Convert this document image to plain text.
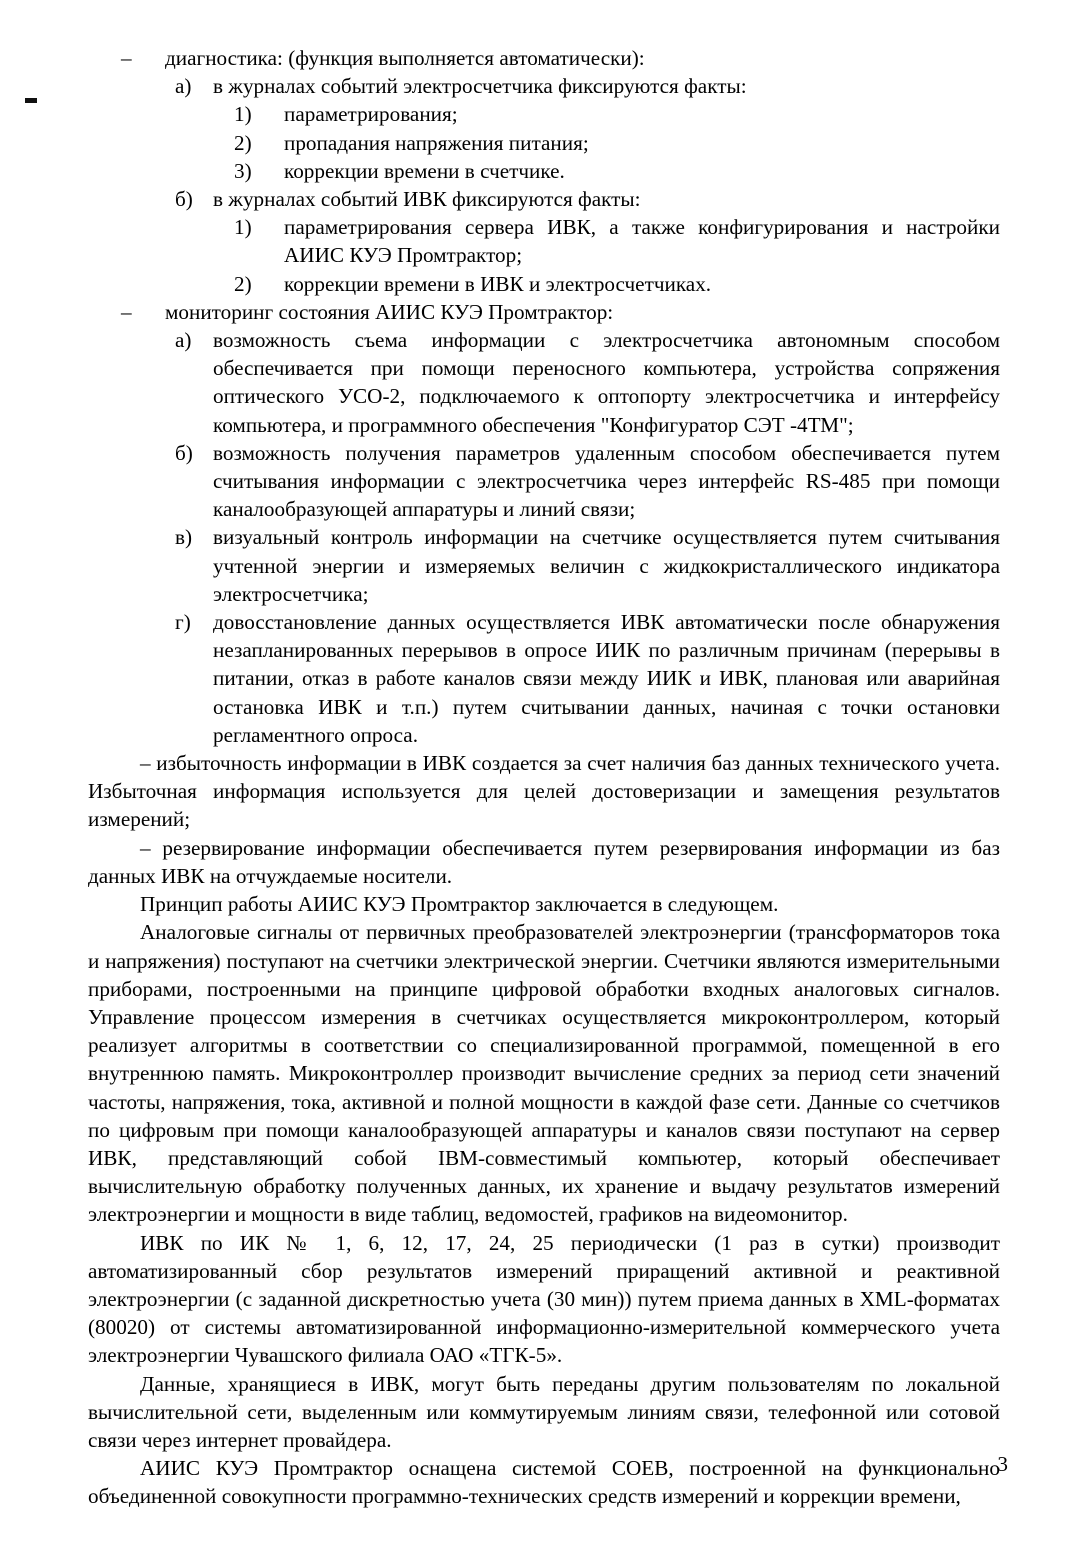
– диагностика: (функция выполняется автоматически):

а) в журналах событий электросчетчика фиксируются факты:

1) параметрирования;

2) пропадания напряжения питания;

3) коррекции времени в счетчике.

б) в журналах событий ИВК фиксируются факты:

1) параметрирования сервера ИВК, а также конфигурирования и настройки АИИС КУЭ Промтрактор;

2) коррекции времени в ИВК и электросчетчиках.

– мониторинг состояния АИИС КУЭ Промтрактор:

а) возможность съема информации с электросчетчика автономным способом обеспечивается при помощи переносного компьютера, устройства сопряжения оптического УСО-2, подключаемого к оптопорту электросчетчика и интерфейсу компьютера, и программного обеспечения "Конфигуратор СЭТ -4ТМ";

б) возможность получения параметров удаленным способом обеспечивается путем считывания информации с электросчетчика через интерфейс RS-485 при помощи каналообразующей аппаратуры и линий связи;

в) визуальный контроль информации на счетчике осуществляется путем считывания учтенной энергии и измеряемых величин с жидкокристаллического индикатора электросчетчика;

г) довосстановление данных осуществляется ИВК автоматически после обнаружения незапланированных перерывов в опросе ИИК по различным причинам (перерывы в питании, отказ в работе каналов связи между ИИК и ИВК, плановая или аварийная остановка ИВК и т.п.) путем считывании данных, начиная с точки остановки регламентного опроса.

– избыточность информации в ИВК создается за счет наличия баз данных технического учета. Избыточная информация используется для целей достоверизации и замещения результатов измерений;

– резервирование информации обеспечивается путем резервирования информации из баз данных ИВК на отчуждаемые носители.

Принцип работы АИИС КУЭ Промтрактор заключается в следующем.

Аналоговые сигналы от первичных преобразователей электроэнергии (трансформаторов тока и напряжения) поступают на счетчики электрической энергии. Счетчики являются измерительными приборами, построенными на принципе цифровой обработки входных аналоговых сигналов. Управление процессом измерения в счетчиках осуществляется микроконтроллером, который реализует алгоритмы в соответствии со специализированной программой, помещенной в его внутреннюю память. Микроконтроллер производит вычисление средних за период сети значений частоты, напряжения, тока, активной и полной мощности в каждой фазе сети. Данные со счетчиков по цифровым при помощи каналообразующей аппаратуры и каналов связи поступают на сервер ИВК, представляющий собой IBM-совместимый компьютер, который обеспечивает вычислительную обработку полученных данных, их хранение и выдачу результатов измерений электроэнергии и мощности в виде таблиц, ведомостей, графиков на видеомонитор.

ИВК по ИК № 1, 6, 12, 17, 24, 25 периодически (1 раз в сутки) производит автоматизированный сбор результатов измерений приращений активной и реактивной электроэнергии (с заданной дискретностью учета (30 мин)) путем приема данных в XML-форматах (80020) от системы автоматизированной информационно-измерительной коммерческого учета электроэнергии Чувашского филиала ОАО «ТГК-5».

Данные, хранящиеся в ИВК, могут быть переданы другим пользователям по локальной вычислительной сети, выделенным или коммутируемым линиям связи, телефонной или сотовой связи через интернет провайдера.

АИИС КУЭ Промтрактор оснащена системой СОЕВ, построенной на функционально объединенной совокупности программно-технических средств измерений и коррекции времени,

3
